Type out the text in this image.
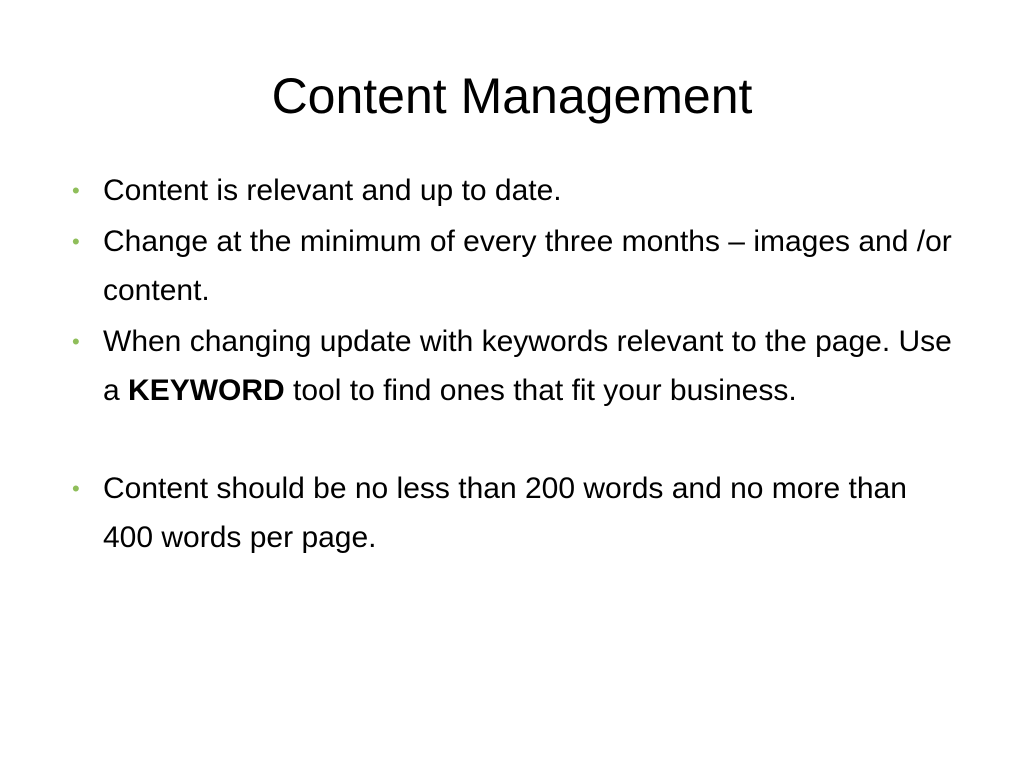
Content Management
• Content is relevant and up to date.
• Change at the minimum of every three months – images and /or content.
• When changing update with keywords relevant to the page. Use a KEYWORD tool to find ones that fit your business.
• Content should be no less than 200 words and no more than 400 words per page.
